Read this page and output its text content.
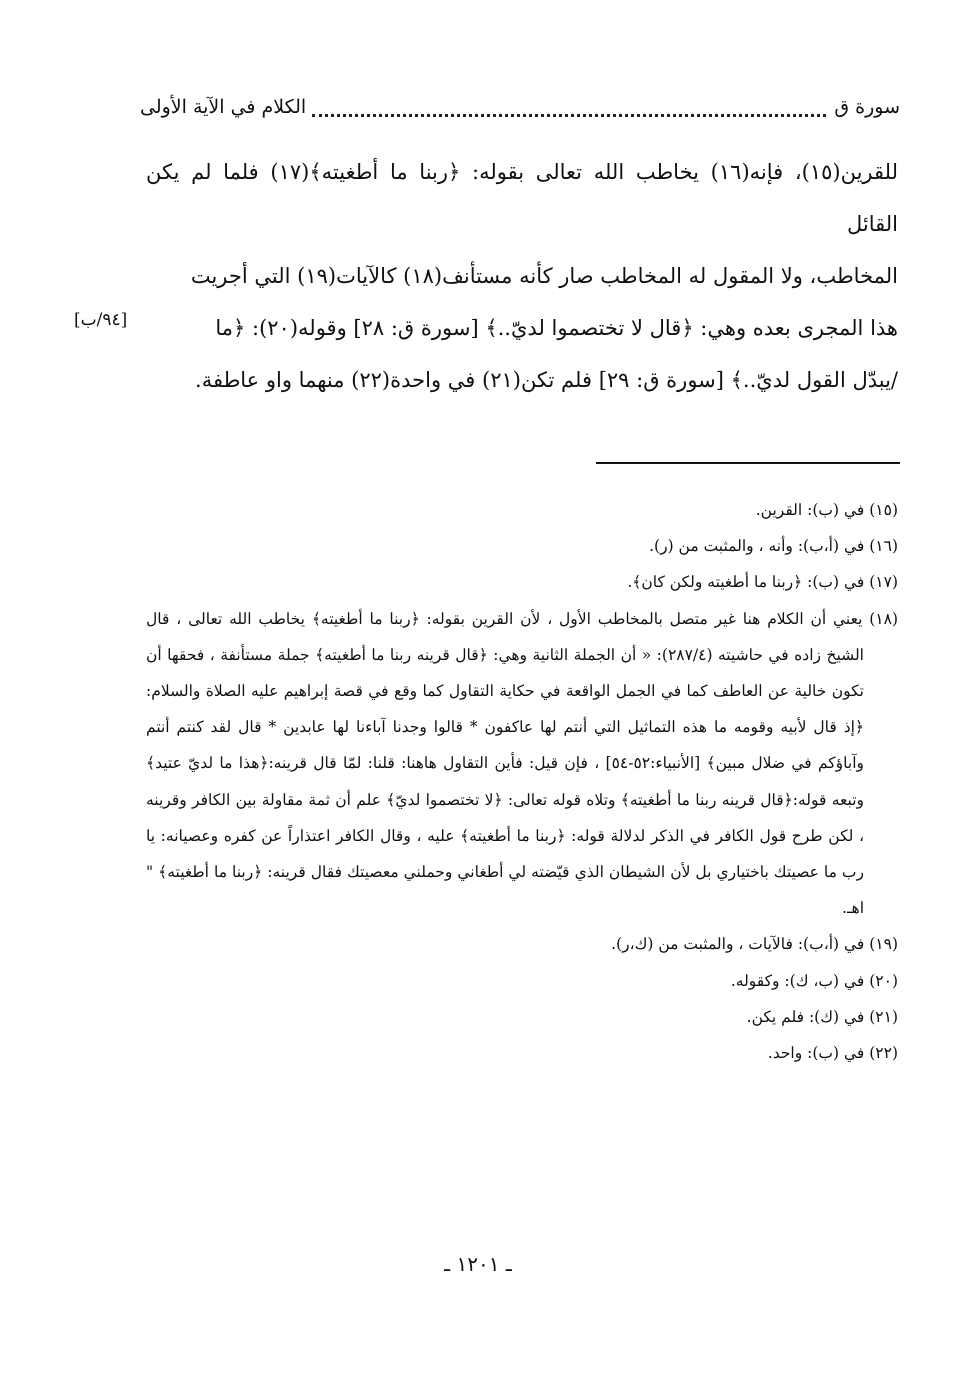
سورة ق
الكلام في الآية الأولى

للقرين(١٥)، فإنه(١٦) يخاطب الله تعالى بقوله: ﴿ربنا ما أطغيته﴾(١٧) فلما لم يكن القائل

المخاطب، ولا المقول له المخاطب صار كأنه مستأنف(١٨) كالآيات(١٩) التي أجريت

هذا المجرى بعده وهي: ﴿قال لا تختصموا لديّ..﴾ [سورة ق: ٢٨] وقوله(٢٠): ﴿ما

/يبدّل القول لديّ..﴾ [سورة ق: ٢٩] فلم تكن(٢١) في واحدة(٢٢) منهما واو عاطفة.

[٩٤/ب]

(١٥) في (ب): القرين.

(١٦) في (أ،ب): وأنه ، والمثبت من (ر).

(١٧) في (ب): ﴿ربنا ما أطغيته ولكن كان﴾.

(١٨) يعني أن الكلام هنا غير متصل بالمخاطب الأول ، لأن القرين بقوله: ﴿ربنا ما أطغيته﴾ يخاطب الله تعالى ، قال الشيخ زاده في حاشيته (٢٨٧/٤): « أن الجملة الثانية وهي: ﴿قال قرينه ربنا ما أطغيته﴾ جملة مستأنفة ، فحقها أن تكون خالية عن العاطف كما في الجمل الواقعة في حكاية التقاول كما وقع في قصة إبراهيم عليه الصلاة والسلام: ﴿إذ قال لأبيه وقومه ما هذه التماثيل التي أنتم لها عاكفون * قالوا وجدنا آباءنا لها عابدين * قال لقد كنتم أنتم وآباؤكم في ضلال مبين﴾ [الأنبياء:٥٢-٥٤] ، فإن قيل: فأين التقاول هاهنا: قلنا: لمّا قال قرينه:﴿هذا ما لديّ عتيد﴾ وتبعه قوله:﴿قال قرينه ربنا ما أطغيته﴾ وتلاه قوله تعالى: ﴿لا تختصموا لديّ﴾ علم أن ثمة مقاولة بين الكافر وقرينه ، لكن طرح قول الكافر في الذكر لدلالة قوله: ﴿ربنا ما أطغيته﴾ عليه ، وقال الكافر اعتذاراً عن كفره وعصيانه: يا رب ما عصيتك باختياري بل لأن الشيطان الذي قيّضته لي أطغاني وحملني معصيتك فقال قرينه: ﴿ربنا ما أطغيته﴾ " اهـ.

(١٩) في (أ،ب): فالآيات ، والمثبت من (ك،ر).

(٢٠) في (ب، ك): وكقوله.

(٢١) في (ك): فلم يكن.

(٢٢) في (ب): واحد.

ـ ١٢٠١ ـ
